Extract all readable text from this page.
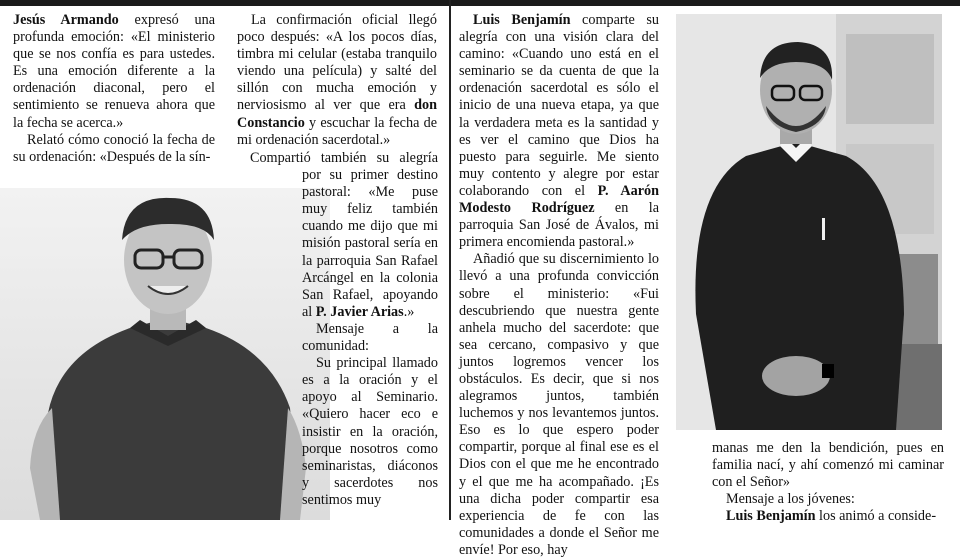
Jesús Armando expresó una profunda emoción: «El ministerio que se nos confía es para ustedes. Es una emoción diferente a la ordenación diaconal, pero el sentimiento se renueva ahora que la fecha se acerca.»

Relató cómo conoció la fecha de su ordenación: «Después de la sín-

La confirmación oficial llegó poco después: «A los pocos días, timbra mi celular (estaba tranquilo viendo una película) y salté del sillón con mucha emoción y nerviosismo al ver que era don Constancio y escuchar la fecha de mi ordenación sacerdotal.»

Compartió también su alegría por su primer destino pastoral: «Me puse muy feliz también cuando me dijo que mi misión pastoral sería en la parroquia San Rafael Arcángel en la colonia San Rafael, apoyando al P. Javier Arias.»

Mensaje a la comunidad:

Su principal llamado es a la oración y el apoyo al Seminario. «Quiero hacer eco e insistir en la oración, porque nosotros como seminaristas, diáconos y sacerdotes nos sentimos muy

Luis Benjamín comparte su alegría con una visión clara del camino: «Cuando uno está en el seminario se da cuenta de que la ordenación sacerdotal es sólo el inicio de una nueva etapa, ya que la verdadera meta es la santidad y es ver el camino que Dios ha puesto para seguirle. Me siento muy contento y alegre por estar colaborando con el P. Aarón Modesto Rodríguez en la parroquia San José de Ávalos, mi primera encomienda pastoral.»

Añadió que su discernimiento lo llevó a una profunda convicción sobre el ministerio: «Fui descubriendo que nuestra gente anhela mucho del sacerdote: que sea cercano, compasivo y que juntos logremos vencer los obstáculos. Es decir, que si nos alegramos juntos, también luchemos y nos levantemos juntos. Eso es lo que espero poder compartir, porque al final ese es el Dios con el que me he encontrado y el que me ha acompañado. ¡Es una dicha poder compartir esa experiencia de fe con las comunidades a donde el Señor me envíe! Por eso, hay

manas me den la bendición, pues en familia nací, y ahí comenzó mi caminar con el Señor»

Mensaje a los jóvenes:

Luis Benjamín los animó a conside-
